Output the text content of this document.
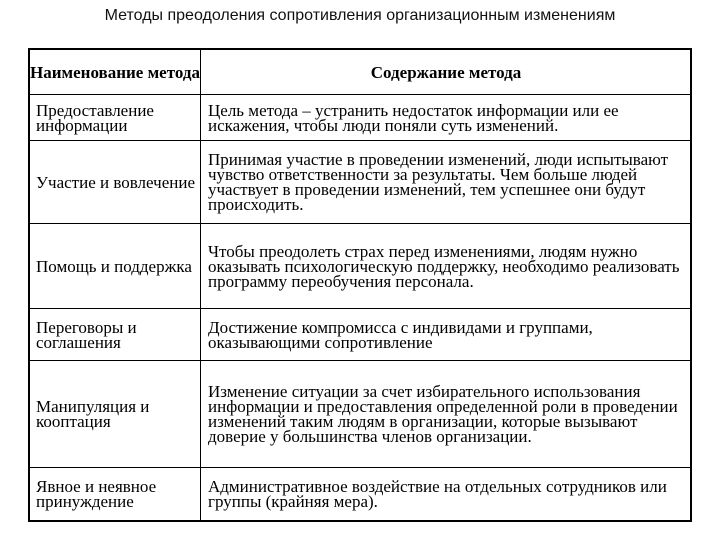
Методы преодоления сопротивления организационным изменениям
Наименование метода	Содержание метода
Предоставление информации
Цель метода – устранить недостаток информации или ее искажения, чтобы люди поняли суть изменений.
Участие и вовлечение
Принимая участие в проведении изменений, люди испытывают чувство ответственности за результаты. Чем больше людей участвует в проведении изменений, тем успешнее они будут происходить.
Помощь и поддержка
Чтобы преодолеть страх перед изменениями, людям нужно оказывать психологическую поддержку, необходимо реализовать программу переобучения персонала.
Переговоры и соглашения
Достижение компромисса с индивидами и группами, оказывающими сопротивление
Манипуляция и кооптация
Изменение ситуации за счет избирательного использования информации и предоставления определенной роли в проведении изменений таким людям в организации, которые вызывают доверие у большинства членов организации.
Явное и неявное принуждение
Административное воздействие на отдельных сотрудников или группы (крайняя мера).
